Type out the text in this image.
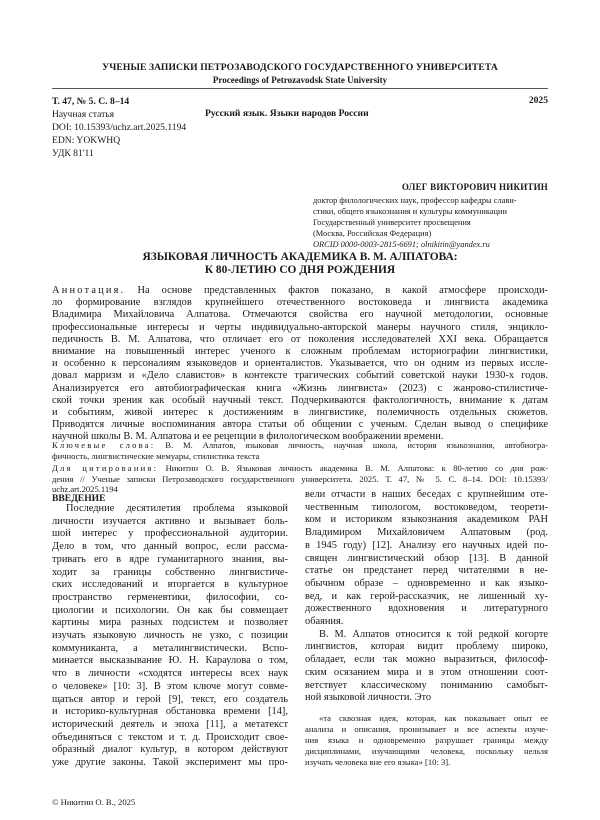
УЧЕНЫЕ ЗАПИСКИ ПЕТРОЗАВОДСКОГО ГОСУДАРСТВЕННОГО УНИВЕРСИТЕТА
Proceedings of Petrozavodsk State University
Т. 47, № 5. С. 8–14
Научная статья
DOI: 10.15393/uchz.art.2025.1194
EDN: YOKWHQ
УДК 81'11
2025
Русский язык. Языки народов России
ОЛЕГ ВИКТОРОВИЧ НИКИТИН
доктор филологических наук, профессор кафедры слави-
стики, общего языкознания и культуры коммуникации
Государственный университет просвещения
(Москва, Российская Федерация)
ORCID 0000-0003-2815-6691; olnikitin@yandex.ru
ЯЗЫКОВАЯ ЛИЧНОСТЬ АКАДЕМИКА В. М. АЛПАТОВА:
К 80-ЛЕТИЮ СО ДНЯ РОЖДЕНИЯ
Аннотация. На основе представленных фактов показано, в какой атмосфере происходи-
ло формирование взглядов крупнейшего отечественного востоковеда и лингвиста академика
Владимира Михайловича Алпатова. Отмечаются свойства его научной методологии, основные
профессиональные интересы и черты индивидуально-авторской манеры научного стиля, энцикло-
педичность В. М. Алпатова, что отличает его от поколения исследователей XXI века. Обращается
внимание на повышенный интерес ученого к сложным проблемам историографии лингвистики,
и особенно к персоналиям языковедов и ориенталистов. Указывается, что он одним из первых иссле-
довал марризм и «Дело славистов» в контексте трагических событий советской науки 1930-х годов.
Анализируется его автобиографическая книга «Жизнь лингвиста» (2023) с жанрово-стилистиче-
ской точки зрения как особый научный текст. Подчеркиваются фактологичность, внимание к датам
и событиям, живой интерес к достижениям в лингвистике, полемичность отдельных сюжетов.
Приводятся личные воспоминания автора статьи об общении с ученым. Сделан вывод о специфике
научной школы В. М. Алпатова и ее рецепции в филологическом воображении времени.
Ключевые слова: В. М. Алпатов, языковая личность, научная школа, история языкознания, автобиогра-
фичность, лингвистические мемуары, стилистика текста
Для цитирования: Никитин О. В. Языковая личность академика В. М. Алпатова: к 80-летию со дня рож-
дения // Ученые записки Петрозаводского государственного университета. 2025. Т. 47, № 5. С. 8–14. DOI: 10.15393/
uchz.art.2025.1194
ВВЕДЕНИЕ
Последние десятилетия проблема языковой
личности изучается активно и вызывает боль-
шой интерес у профессиональной аудитории.
Дело в том, что данный вопрос, если рассма-
тривать его в ядре гуманитарного знания, вы-
ходит за границы собственно лингвистиче-
ских исследований и вторгается в культурное
пространство герменевтики, философии, со-
циологии и психологии. Он как бы совмещает
картины мира разных подсистем и позволяет
изучать языковую личность не узко, с позиции
коммуниканта, а металингвистически. Вспо-
минается высказывание Ю. Н. Караулова о том,
что в личности «сходятся интересы всех наук
о человеке» [10: 3]. В этом ключе могут совме-
щаться автор и герой [9], текст, его создатель
и историко-культурная обстановка времени [14],
исторический деятель и эпоха [11], а метатекст
объединяться с текстом и т. д. Происходит свое-
образный диалог культур, в котором действуют
уже другие законы. Такой эксперимент мы про-
вели отчасти в наших беседах с крупнейшим оте-
чественным типологом, востоковедом, теорети-
ком и историком языкознания академиком РАН
Владимиром Михайловичем Алпатовым (род.
в 1945 году) [12]. Анализу его научных идей по-
священ лингвистический обзор [13]. В данной
статье он предстанет перед читателями в не-
обычном образе – одновременно и как языко-
вед, и как герой-рассказчик, не лишенный ху-
дожественного вдохновения и литературного
обаяния.
В. М. Алпатов относится к той редкой когорте
лингвистов, которая видит проблему широко,
обладает, если так можно выразиться, философ-
ским осязанием мира и в этом отношении соот-
ветствует классическому пониманию самобыт-
ной языковой личности. Это
«та сквозная идея, которая, как показывает опыт ее
анализа и описания, пронизывает и все аспекты изуче-
ния языка и одновременно разрушает границы между
дисциплинами, изучающими человека, поскольку нельзя
изучать человека вне его языка» [10: 3].
© Никитин О. В., 2025
